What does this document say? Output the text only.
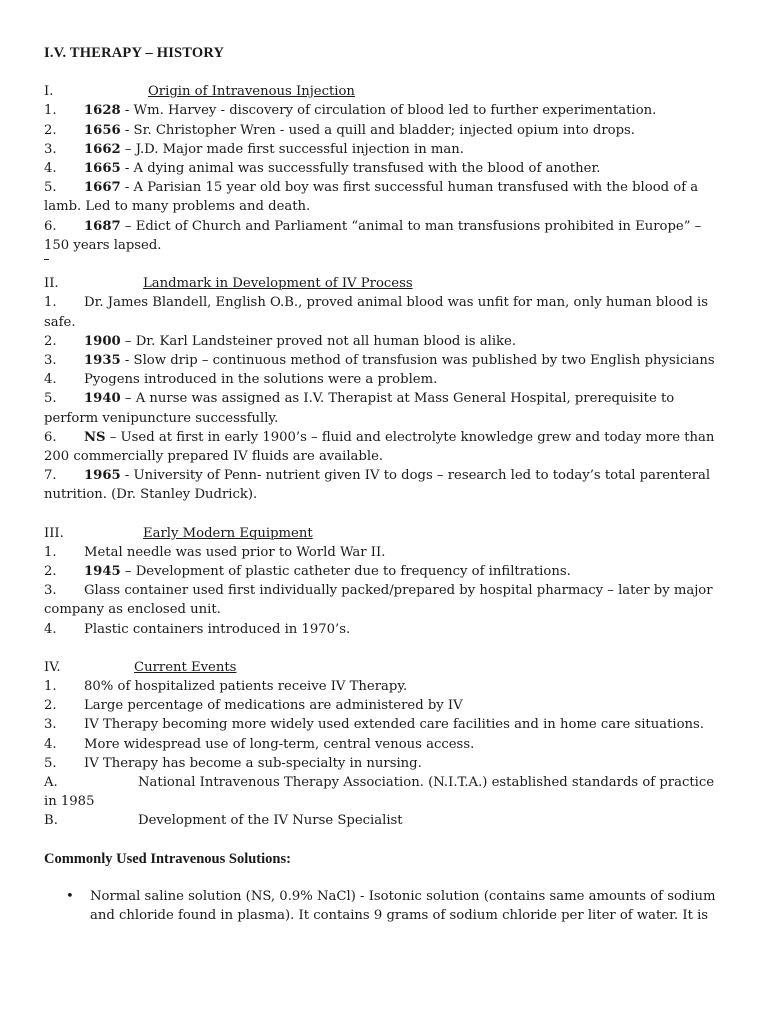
I.V. THERAPY – HISTORY
I.	Origin of Intravenous Injection
1. 1628 - Wm. Harvey - discovery of circulation of blood led to further experimentation.
2. 1656 - Sr. Christopher Wren - used a quill and bladder; injected opium into drops.
3. 1662 – J.D. Major made first successful injection in man.
4. 1665 - A dying animal was successfully transfused with the blood of another.
5. 1667 - A Parisian 15 year old boy was first successful human transfused with the blood of a lamb. Led to many problems and death.
6. 1687 – Edict of Church and Parliament “animal to man transfusions prohibited in Europe” – 150 years lapsed.
II.	Landmark in Development of IV Process
1. Dr. James Blandell, English O.B., proved animal blood was unfit for man, only human blood is safe.
2. 1900 – Dr. Karl Landsteiner proved not all human blood is alike.
3. 1935 - Slow drip – continuous method of transfusion was published by two English physicians
4. Pyogens introduced in the solutions were a problem.
5. 1940 – A nurse was assigned as I.V. Therapist at Mass General Hospital, prerequisite to perform venipuncture successfully.
6. NS – Used at first in early 1900’s – fluid and electrolyte knowledge grew and today more than 200 commercially prepared IV fluids are available.
7. 1965 - University of Penn- nutrient given IV to dogs – research led to today’s total parenteral nutrition. (Dr. Stanley Dudrick).
III.	Early Modern Equipment
1. Metal needle was used prior to World War II.
2. 1945 – Development of plastic catheter due to frequency of infiltrations.
3. Glass container used first individually packed/prepared by hospital pharmacy – later by major company as enclosed unit.
4. Plastic containers introduced in 1970’s.
IV.	Current Events
1. 80% of hospitalized patients receive IV Therapy.
2. Large percentage of medications are administered by IV
3. IV Therapy becoming more widely used extended care facilities and in home care situations.
4. More widespread use of long-term, central venous access.
5. IV Therapy has become a sub-specialty in nursing.
A.	National Intravenous Therapy Association. (N.I.T.A.) established standards of practice in 1985
B.	Development of the IV Nurse Specialist
Commonly Used Intravenous Solutions:
• Normal saline solution (NS, 0.9% NaCl) - Isotonic solution (contains same amounts of sodium and chloride found in plasma). It contains 9 grams of sodium chloride per liter of water. It is
